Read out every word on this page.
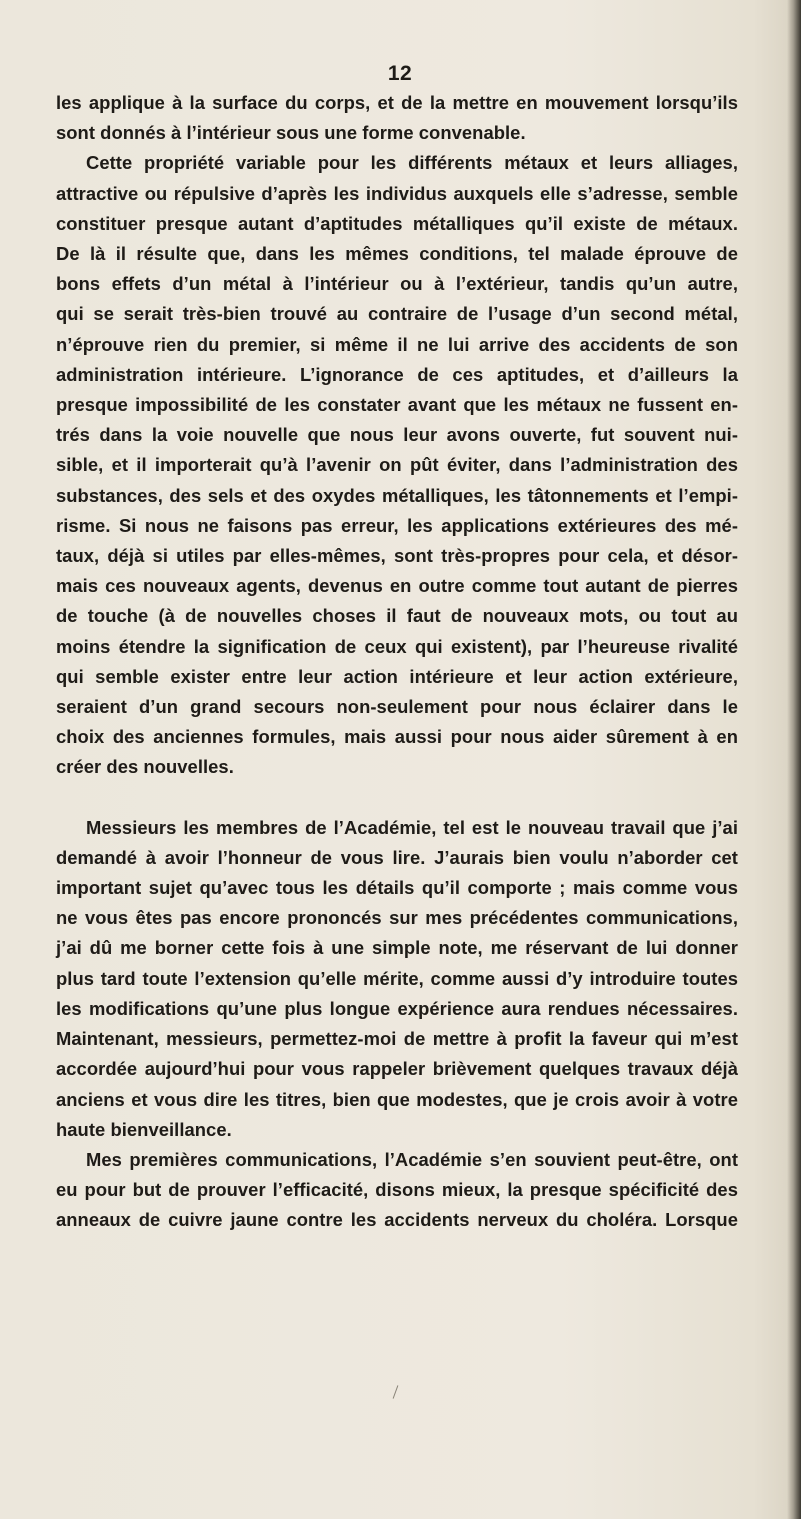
12

les applique à la surface du corps, et de la mettre en mouvement lorsqu’ils
sont donnés à l’intérieur sous une forme convenable.

Cette propriété variable pour les différents métaux et leurs alliages,
attractive ou répulsive d’après les individus auxquels elle s’adresse, semble
constituer presque autant d’aptitudes métalliques qu’il existe de métaux.
De là il résulte que, dans les mêmes conditions, tel malade éprouve de
bons effets d’un métal à l’intérieur ou à l’extérieur, tandis qu’un autre,
qui se serait très-bien trouvé au contraire de l’usage d’un second métal,
n’éprouve rien du premier, si même il ne lui arrive des accidents de son
administration intérieure. L’ignorance de ces aptitudes, et d’ailleurs la
presque impossibilité de les constater avant que les métaux ne fussent en-
trés dans la voie nouvelle que nous leur avons ouverte, fut souvent nui-
sible, et il importerait qu’à l’avenir on pût éviter, dans l’administration des
substances, des sels et des oxydes métalliques, les tâtonnements et l’empi-
risme. Si nous ne faisons pas erreur, les applications extérieures des mé-
taux, déjà si utiles par elles-mêmes, sont très-propres pour cela, et désor-
mais ces nouveaux agents, devenus en outre comme tout autant de pierres
de touche (à de nouvelles choses il faut de nouveaux mots, ou tout au
moins étendre la signification de ceux qui existent), par l’heureuse rivalité
qui semble exister entre leur action intérieure et leur action extérieure,
seraient d’un grand secours non-seulement pour nous éclairer dans le
choix des anciennes formules, mais aussi pour nous aider sûrement à en
créer des nouvelles.

Messieurs les membres de l’Académie, tel est le nouveau travail que j’ai
demandé à avoir l’honneur de vous lire. J’aurais bien voulu n’aborder cet
important sujet qu’avec tous les détails qu’il comporte ; mais comme vous
ne vous êtes pas encore prononcés sur mes précédentes communications,
j’ai dû me borner cette fois à une simple note, me réservant de lui donner
plus tard toute l’extension qu’elle mérite, comme aussi d’y introduire toutes
les modifications qu’une plus longue expérience aura rendues nécessaires.
Maintenant, messieurs, permettez-moi de mettre à profit la faveur qui m’est
accordée aujourd’hui pour vous rappeler brièvement quelques travaux déjà
anciens et vous dire les titres, bien que modestes, que je crois avoir à votre
haute bienveillance.

Mes premières communications, l’Académie s’en souvient peut-être, ont
eu pour but de prouver l’efficacité, disons mieux, la presque spécificité des
anneaux de cuivre jaune contre les accidents nerveux du choléra. Lorsque
